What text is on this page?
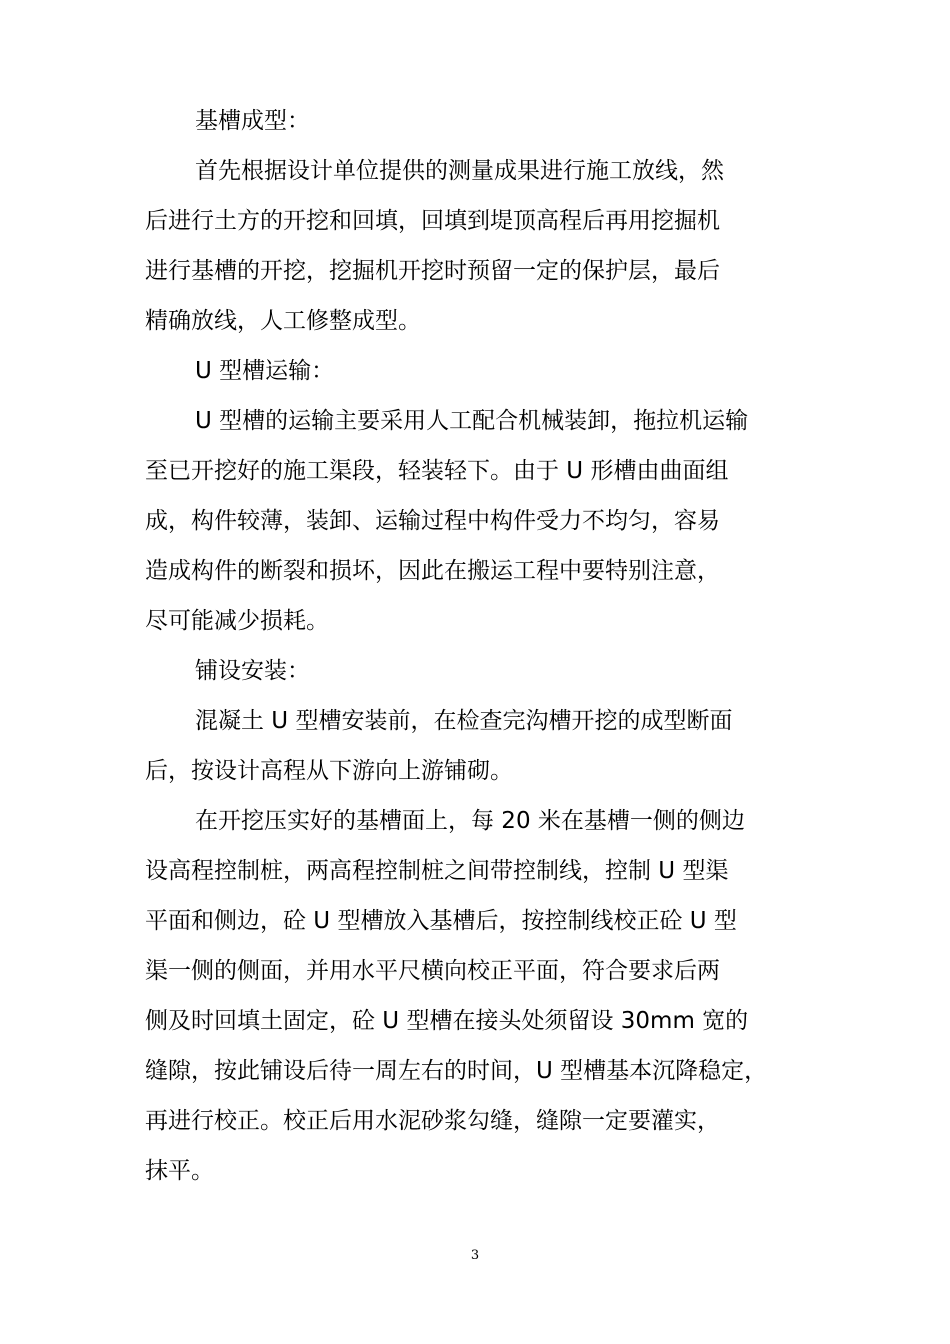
基槽成型：
首先根据设计单位提供的测量成果进行施工放线，然
后进行土方的开挖和回填，回填到堤顶高程后再用挖掘机
进行基槽的开挖，挖掘机开挖时预留一定的保护层，最后
精确放线，人工修整成型。
U 型槽运输：
U 型槽的运输主要采用人工配合机械装卸，拖拉机运输
至已开挖好的施工渠段，轻装轻下。由于 U 形槽由曲面组
成，构件较薄，装卸、运输过程中构件受力不均匀，容易
造成构件的断裂和损坏，因此在搬运工程中要特别注意，
尽可能减少损耗。
铺设安装：
混凝土 U 型槽安装前，在检查完沟槽开挖的成型断面
后，按设计高程从下游向上游铺砌。
在开挖压实好的基槽面上，每 20 米在基槽一侧的侧边
设高程控制桩，两高程控制桩之间带控制线，控制 U 型渠
平面和侧边，砼 U 型槽放入基槽后，按控制线校正砼 U 型
渠一侧的侧面，并用水平尺横向校正平面，符合要求后两
侧及时回填土固定，砼 U 型槽在接头处须留设 30mm 宽的
缝隙，按此铺设后待一周左右的时间，U 型槽基本沉降稳定，
再进行校正。校正后用水泥砂浆勾缝，缝隙一定要灌实，
抹平。
3
